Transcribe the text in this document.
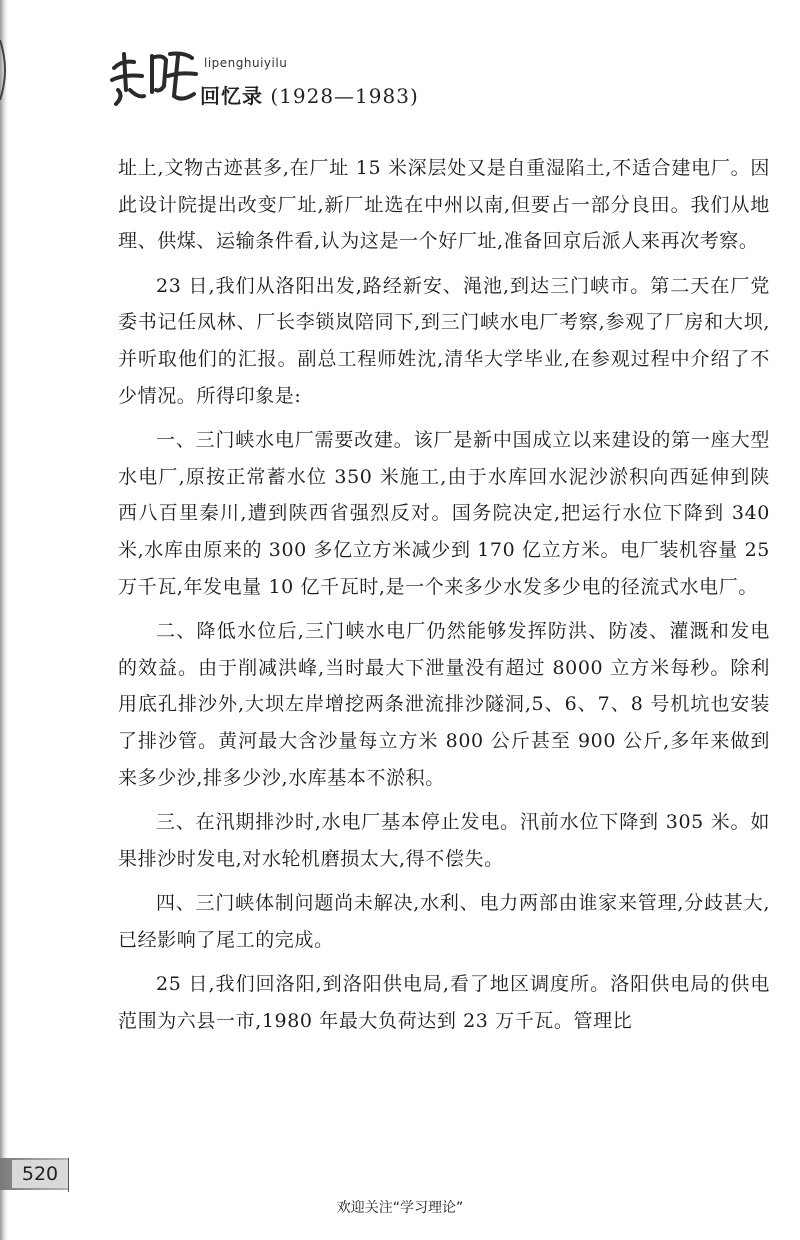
lipenghuiyilu
回忆录 (1928—1983)

址上,文物古迹甚多,在厂址 15 米深层处又是自重湿陷土,不适合建电厂。因此设计院提出改变厂址,新厂址选在中州以南,但要占一部分良田。我们从地理、供煤、运输条件看,认为这是一个好厂址,准备回京后派人来再次考察。

23 日,我们从洛阳出发,路经新安、渑池,到达三门峡市。第二天在厂党委书记任凤林、厂长李锁岚陪同下,到三门峡水电厂考察,参观了厂房和大坝,并听取他们的汇报。副总工程师姓沈,清华大学毕业,在参观过程中介绍了不少情况。所得印象是:

一、三门峡水电厂需要改建。该厂是新中国成立以来建设的第一座大型水电厂,原按正常蓄水位 350 米施工,由于水库回水泥沙淤积向西延伸到陕西八百里秦川,遭到陕西省强烈反对。国务院决定,把运行水位下降到 340 米,水库由原来的 300 多亿立方米减少到 170 亿立方米。电厂装机容量 25 万千瓦,年发电量 10 亿千瓦时,是一个来多少水发多少电的径流式水电厂。

二、降低水位后,三门峡水电厂仍然能够发挥防洪、防凌、灌溉和发电的效益。由于削减洪峰,当时最大下泄量没有超过 8000 立方米每秒。除利用底孔排沙外,大坝左岸增挖两条泄流排沙隧洞,5、6、7、8 号机坑也安装了排沙管。黄河最大含沙量每立方米 800 公斤甚至 900 公斤,多年来做到来多少沙,排多少沙,水库基本不淤积。

三、在汛期排沙时,水电厂基本停止发电。汛前水位下降到 305 米。如果排沙时发电,对水轮机磨损太大,得不偿失。

四、三门峡体制问题尚未解决,水利、电力两部由谁家来管理,分歧甚大,已经影响了尾工的完成。

25 日,我们回洛阳,到洛阳供电局,看了地区调度所。洛阳供电局的供电范围为六县一市,1980 年最大负荷达到 23 万千瓦。管理比

520
欢迎关注“学习理论”
